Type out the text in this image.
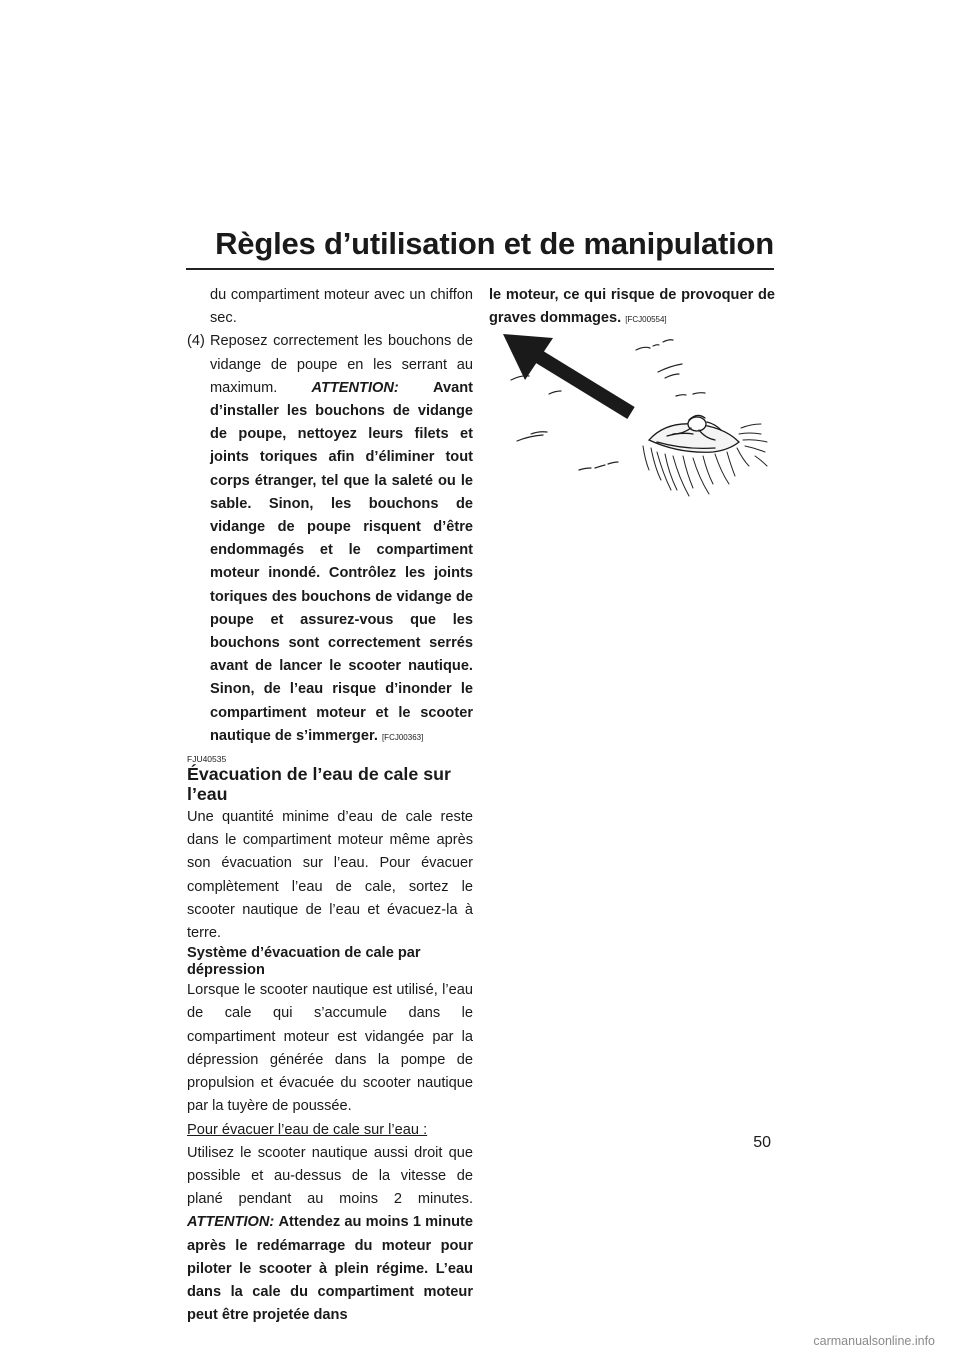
Règles d’utilisation et de manipulation

du compartiment moteur avec un chiffon sec.

(4) Reposez correctement les bouchons de vidange de poupe en les serrant au maximum. ATTENTION: Avant d’installer les bouchons de vidange de poupe, nettoyez leurs filets et joints toriques afin d’éliminer tout corps étranger, tel que la saleté ou le sable. Sinon, les bouchons de vidange de poupe risquent d’être endommagés et le compartiment moteur inondé. Contrôlez les joints toriques des bouchons de vidange de poupe et assurez-vous que les bouchons sont correctement serrés avant de lancer le scooter nautique. Sinon, de l’eau risque d’inonder le compartiment moteur et le scooter nautique de s’immerger. [FCJ00363]

FJU40535
Évacuation de l’eau de cale sur l’eau

Une quantité minime d’eau de cale reste dans le compartiment moteur même après son évacuation sur l’eau. Pour évacuer complètement l’eau de cale, sortez le scooter nautique de l’eau et évacuez-la à terre.

Système d’évacuation de cale par dépression

Lorsque le scooter nautique est utilisé, l’eau de cale qui s’accumule dans le compartiment moteur est vidangée par la dépression générée dans la pompe de propulsion et évacuée du scooter nautique par la tuyère de poussée.

Pour évacuer l’eau de cale sur l’eau :

Utilisez le scooter nautique aussi droit que possible et au-dessus de la vitesse de plané pendant au moins 2 minutes. ATTENTION: Attendez au moins 1 minute après le redémarrage du moteur pour piloter le scooter à plein régime. L’eau dans la cale du compartiment moteur peut être projetée dans

le moteur, ce qui risque de provoquer de graves dommages. [FCJ00554]

50
carmanualsonline.info
